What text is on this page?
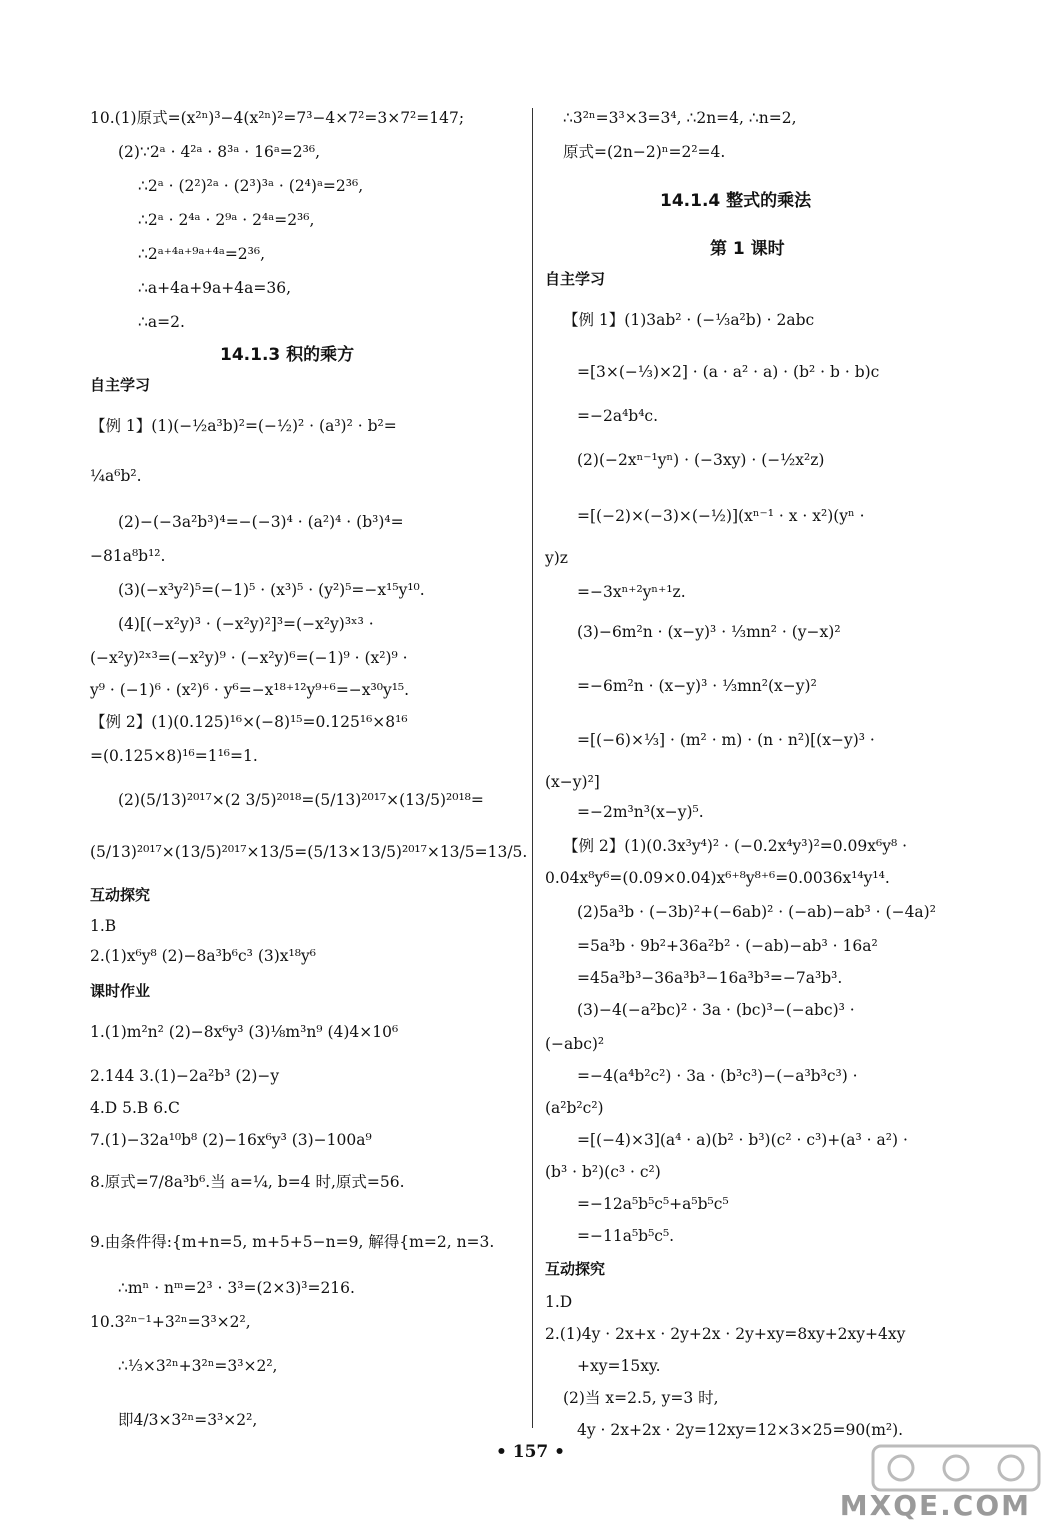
10.(1)原式=(x²ⁿ)³−4(x²ⁿ)²=7³−4×7²=3×7²=147;
(2)∵2ᵃ · 4²ᵃ · 8³ᵃ · 16ᵃ=2³⁶,
∴2ᵃ · (2²)²ᵃ · (2³)³ᵃ · (2⁴)ᵃ=2³⁶,
∴2ᵃ · 2⁴ᵃ · 2⁹ᵃ · 2⁴ᵃ=2³⁶,
∴2ᵃ⁺⁴ᵃ⁺⁹ᵃ⁺⁴ᵃ=2³⁶,
∴a+4a+9a+4a=36,
∴a=2.
【例 1】(1)(−½a³b)²=(−½)² · (a³)² · b²=
¼a⁶b².
(2)−(−3a²b³)⁴=−(−3)⁴ · (a²)⁴ · (b³)⁴=
−81a⁸b¹².
(3)(−x³y²)⁵=(−1)⁵ · (x³)⁵ · (y²)⁵=−x¹⁵y¹⁰.
(4)[(−x²y)³ · (−x²y)²]³=(−x²y)³ˣ³ ·
(−x²y)²ˣ³=(−x²y)⁹ · (−x²y)⁶=(−1)⁹ · (x²)⁹ ·
y⁹ · (−1)⁶ · (x²)⁶ · y⁶=−x¹⁸⁺¹²y⁹⁺⁶=−x³⁰y¹⁵.
【例 2】(1)(0.125)¹⁶×(−8)¹⁵=0.125¹⁶×8¹⁶
=(0.125×8)¹⁶=1¹⁶=1.
(2)(5/13)²⁰¹⁷×(2 3/5)²⁰¹⁸=(5/13)²⁰¹⁷×(13/5)²⁰¹⁸=
(5/13)²⁰¹⁷×(13/5)²⁰¹⁷×13/5=(5/13×13/5)²⁰¹⁷×13/5=13/5.
1.B
2.(1)x⁶y⁸ (2)−8a³b⁶c³ (3)x¹⁸y⁶
1.(1)m²n² (2)−8x⁶y³ (3)⅛m³n⁹ (4)4×10⁶
2.144 3.(1)−2a²b³ (2)−y
4.D 5.B 6.C
7.(1)−32a¹⁰b⁸ (2)−16x⁶y³ (3)−100a⁹
8.原式=7/8a³b⁶.当 a=¼, b=4 时,原式=56.
9.由条件得:{m+n=5, m+5+5−n=9, 解得{m=2, n=3.
∴mⁿ · nᵐ=2³ · 3³=(2×3)³=216.
10.3²ⁿ⁻¹+3²ⁿ=3³×2²,
∴⅓×3²ⁿ+3²ⁿ=3³×2²,
即4/3×3²ⁿ=3³×2²,
14.1.3 积的乘方
自主学习
互动探究
课时作业
∴3²ⁿ=3³×3=3⁴, ∴2n=4, ∴n=2,
原式=(2n−2)ⁿ=2²=4.
【例 1】(1)3ab² · (−⅓a²b) · 2abc
=[3×(−⅓)×2] · (a · a² · a) · (b² · b · b)c
=−2a⁴b⁴c.
(2)(−2xⁿ⁻¹yⁿ) · (−3xy) · (−½x²z)
=[(−2)×(−3)×(−½)](xⁿ⁻¹ · x · x²)(yⁿ ·
y)z
=−3xⁿ⁺²yⁿ⁺¹z.
(3)−6m²n · (x−y)³ · ⅓mn² · (y−x)²
=−6m²n · (x−y)³ · ⅓mn²(x−y)²
=[(−6)×⅓] · (m² · m) · (n · n²)[(x−y)³ ·
(x−y)²]
=−2m³n³(x−y)⁵.
【例 2】(1)(0.3x³y⁴)² · (−0.2x⁴y³)²=0.09x⁶y⁸ ·
0.04x⁸y⁶=(0.09×0.04)x⁶⁺⁸y⁸⁺⁶=0.0036x¹⁴y¹⁴.
(2)5a³b · (−3b)²+(−6ab)² · (−ab)−ab³ · (−4a)²
=5a³b · 9b²+36a²b² · (−ab)−ab³ · 16a²
=45a³b³−36a³b³−16a³b³=−7a³b³.
(3)−4(−a²bc)² · 3a · (bc)³−(−abc)³ ·
(−abc)²
=−4(a⁴b²c²) · 3a · (b³c³)−(−a³b³c³) ·
(a²b²c²)
=[(−4)×3](a⁴ · a)(b² · b³)(c² · c³)+(a³ · a²) ·
(b³ · b²)(c³ · c²)
=−12a⁵b⁵c⁵+a⁵b⁵c⁵
=−11a⁵b⁵c⁵.
1.D
2.(1)4y · 2x+x · 2y+2x · 2y+xy=8xy+2xy+4xy
+xy=15xy.
(2)当 x=2.5, y=3 时,
4y · 2x+2x · 2y=12xy=12×3×25=90(m²).
14.1.4 整式的乘法
第 1 课时
自主学习
互动探究
• 157 •
MXQE.COM
